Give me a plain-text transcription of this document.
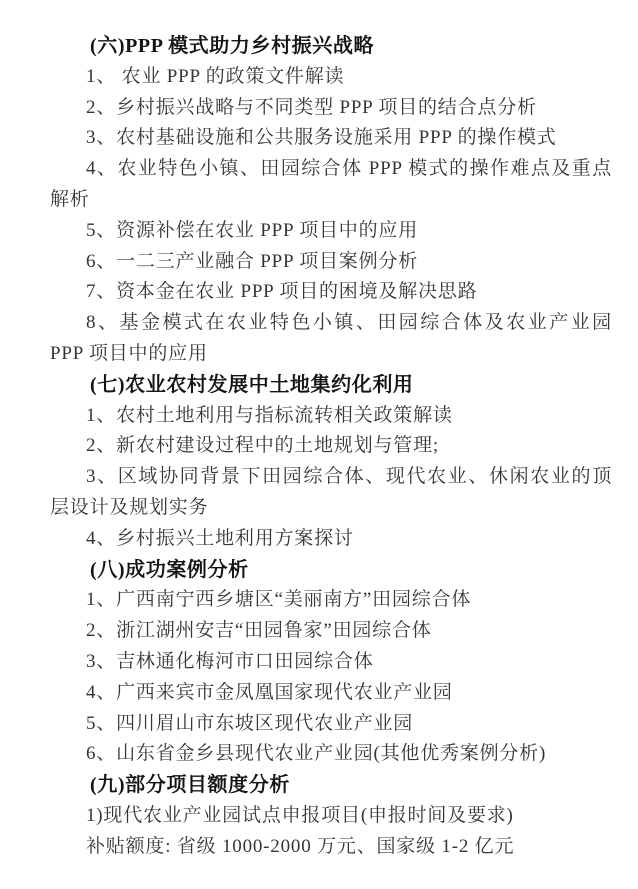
(六)PPP 模式助力乡村振兴战略
1、 农业 PPP 的政策文件解读
2、乡村振兴战略与不同类型 PPP 项目的结合点分析
3、农村基础设施和公共服务设施采用 PPP 的操作模式
4、农业特色小镇、田园综合体 PPP 模式的操作难点及重点
解析
5、资源补偿在农业 PPP 项目中的应用
6、一二三产业融合 PPP 项目案例分析
7、资本金在农业 PPP 项目的困境及解决思路
8、基金模式在农业特色小镇、田园综合体及农业产业园
PPP 项目中的应用
(七)农业农村发展中土地集约化利用
1、农村土地利用与指标流转相关政策解读
2、新农村建设过程中的土地规划与管理;
3、区域协同背景下田园综合体、现代农业、休闲农业的顶
层设计及规划实务
4、乡村振兴土地利用方案探讨
(八)成功案例分析
1、广西南宁西乡塘区“美丽南方”田园综合体
2、浙江湖州安吉“田园鲁家”田园综合体
3、吉林通化梅河市口田园综合体
4、广西来宾市金凤凰国家现代农业产业园
5、四川眉山市东坡区现代农业产业园
6、山东省金乡县现代农业产业园(其他优秀案例分析)
(九)部分项目额度分析
1)现代农业产业园试点申报项目(申报时间及要求)
补贴额度: 省级 1000-2000 万元、国家级 1-2 亿元
